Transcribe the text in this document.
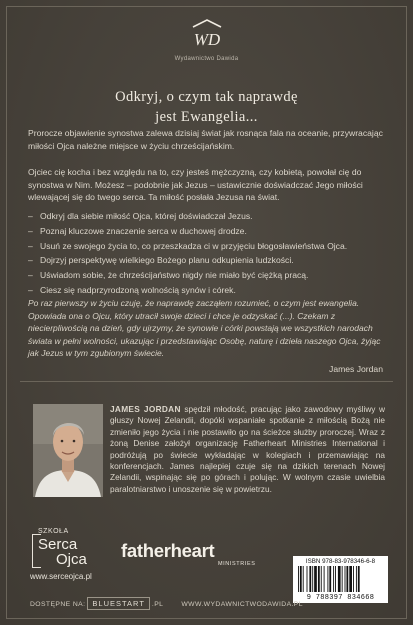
WD
Wydawnictwo Dawida
Odkryj, o czym tak naprawdę
jest Ewangelia...
Prorocze objawienie synostwa zalewa dzisiaj świat jak rosnąca fala na oceanie, przywracając miłości Ojca należne miejsce w życiu chrześcijańskim.
Ojciec cię kocha i bez względu na to, czy jesteś mężczyzną, czy kobietą, powołał cię do synostwa w Nim. Możesz – podobnie jak Jezus – ustawicznie doświadczać Jego miłości wlewającej się do twego serca. Ta miłość posłała Jezusa na świat.
– Odkryj dla siebie miłość Ojca, której doświadczał Jezus.
– Poznaj kluczowe znaczenie serca w duchowej drodze.
– Usuń ze swojego życia to, co przeszkadza ci w przyjęciu błogosławieństwa Ojca.
– Dojrzyj perspektywę wielkiego Bożego planu odkupienia ludzkości.
– Uświadom sobie, że chrześcijaństwo nigdy nie miało być ciężką pracą.
– Ciesz się nadprzyrodzoną wolnością synów i córek.
Po raz pierwszy w życiu czuję, że naprawdę zacząłem rozumieć, o czym jest ewangelia. Opowiada ona o Ojcu, który utracił swoje dzieci i chce je odzyskać (...). Czekam z niecierpliwością na dzień, gdy ujrzymy, że synowie i córki powstają we wszystkich narodach świata w pełni wolności, ukazując i przedstawiając Osobę, naturę i dzieła naszego Ojca, żyjąc jak Jezus w tym zgubionym świecie.
James Jordan
JAMES JORDAN spędził młodość, pracując jako zawodowy myśliwy w głuszy Nowej Zelandii, dopóki wspaniałe spotkanie z miłością Bożą nie zmieniło jego życia i nie postawiło go na ścieżce służby proroczej. Wraz z żoną Denise założył organizację Fatherheart Ministries International i podróżują po świecie wykładając w kolegiach i przemawiając na konferencjach. James najlepiej czuje się na dzikich terenach Nowej Zelandii, wspinając się po górach i polując. W wolnym czasie uwielbia paralotniarstwo i unoszenie się w powietrzu.
SZKOŁA
Serca
Ojca
www.serceojca.pl
fatherheart
MINISTRIES	ISBN 978-83-978346-6-8
9 788397 834668
DOSTĘPNE NA: BLUESTART .PL	WWW.WYDAWNICTWODAWIDA.PL
